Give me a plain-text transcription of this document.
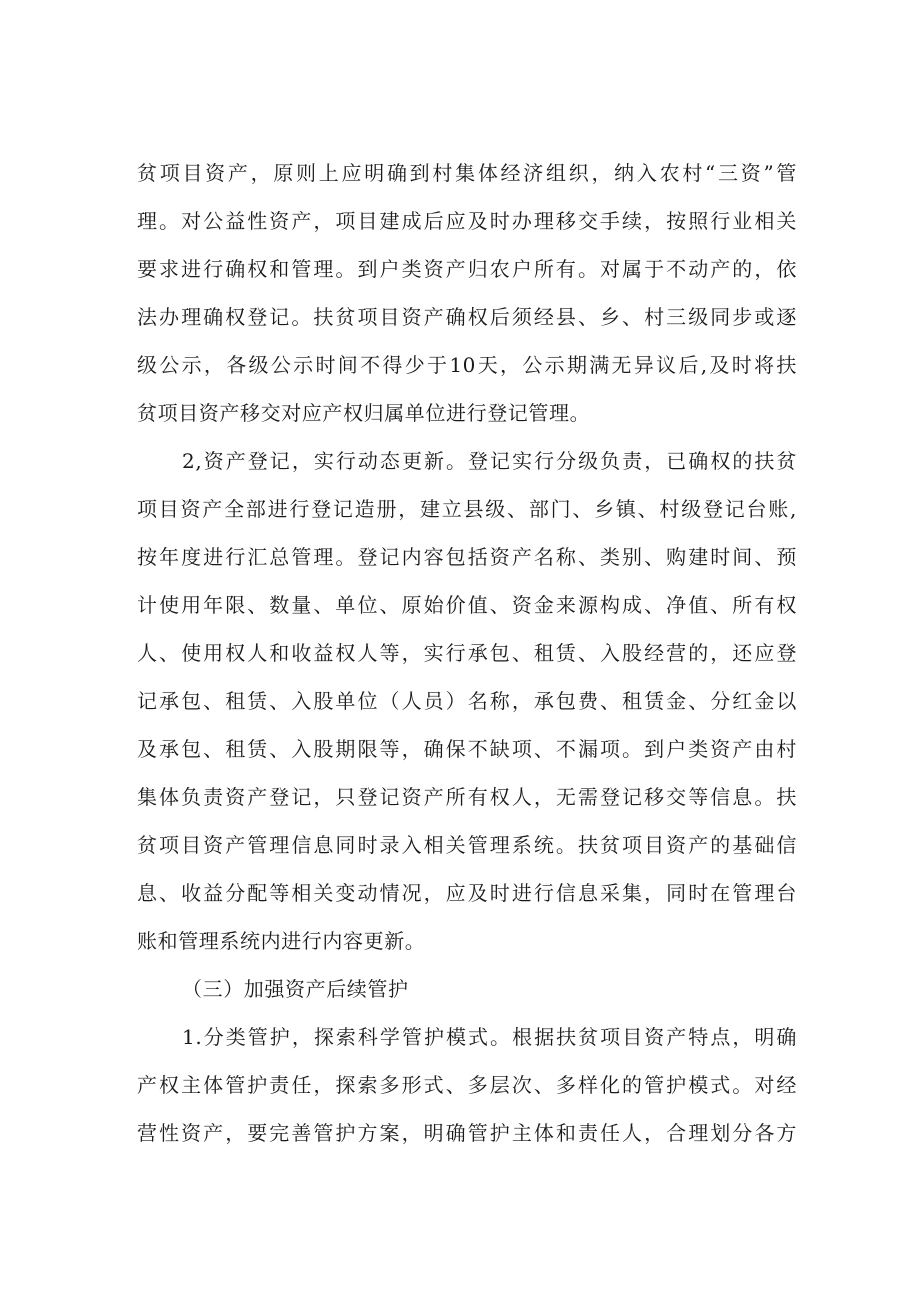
贫项目资产，原则上应明确到村集体经济组织，纳入农村“三资”管
理。对公益性资产，项目建成后应及时办理移交手续，按照行业相关
要求进行确权和管理。到户类资产归农户所有。对属于不动产的，依
法办理确权登记。扶贫项目资产确权后须经县、乡、村三级同步或逐
级公示，各级公示时间不得少于10天，公示期满无异议后,及时将扶
贫项目资产移交对应产权归属单位进行登记管理。
2,资产登记，实行动态更新。登记实行分级负责，已确权的扶贫
项目资产全部进行登记造册，建立县级、部门、乡镇、村级登记台账,
按年度进行汇总管理。登记内容包括资产名称、类别、购建时间、预
计使用年限、数量、单位、原始价值、资金来源构成、净值、所有权
人、使用权人和收益权人等，实行承包、租赁、入股经营的，还应登
记承包、租赁、入股单位（人员）名称，承包费、租赁金、分红金以
及承包、租赁、入股期限等，确保不缺项、不漏项。到户类资产由村
集体负责资产登记，只登记资产所有权人，无需登记移交等信息。扶
贫项目资产管理信息同时录入相关管理系统。扶贫项目资产的基础信
息、收益分配等相关变动情况，应及时进行信息采集，同时在管理台
账和管理系统内进行内容更新。
（三）加强资产后续管护
1.分类管护，探索科学管护模式。根据扶贫项目资产特点，明确
产权主体管护责任，探索多形式、多层次、多样化的管护模式。对经
营性资产，要完善管护方案，明确管护主体和责任人，合理划分各方
